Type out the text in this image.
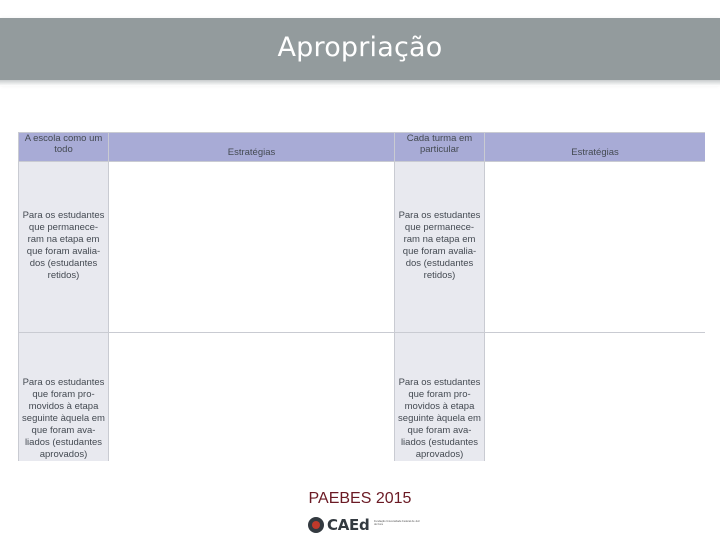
Apropriação
A escola como um todo	Estratégias	Cada turma em particular	Estratégias

Para os estudantes que permanece-ram na etapa em que foram avalia-dos (estudantes retidos)		Para os estudantes que permanece-ram na etapa em que foram avalia-dos (estudantes retidos)	

Para os estudantes que foram pro-movidos à etapa seguinte àquela em que foram ava-liados (estudantes aprovados)		Para os estudantes que foram pro-movidos à etapa seguinte àquela em que foram ava-liados (estudantes aprovados)	

PAEBES 2015
CAEd Fundação Universidade Federal de Juiz de Fora
